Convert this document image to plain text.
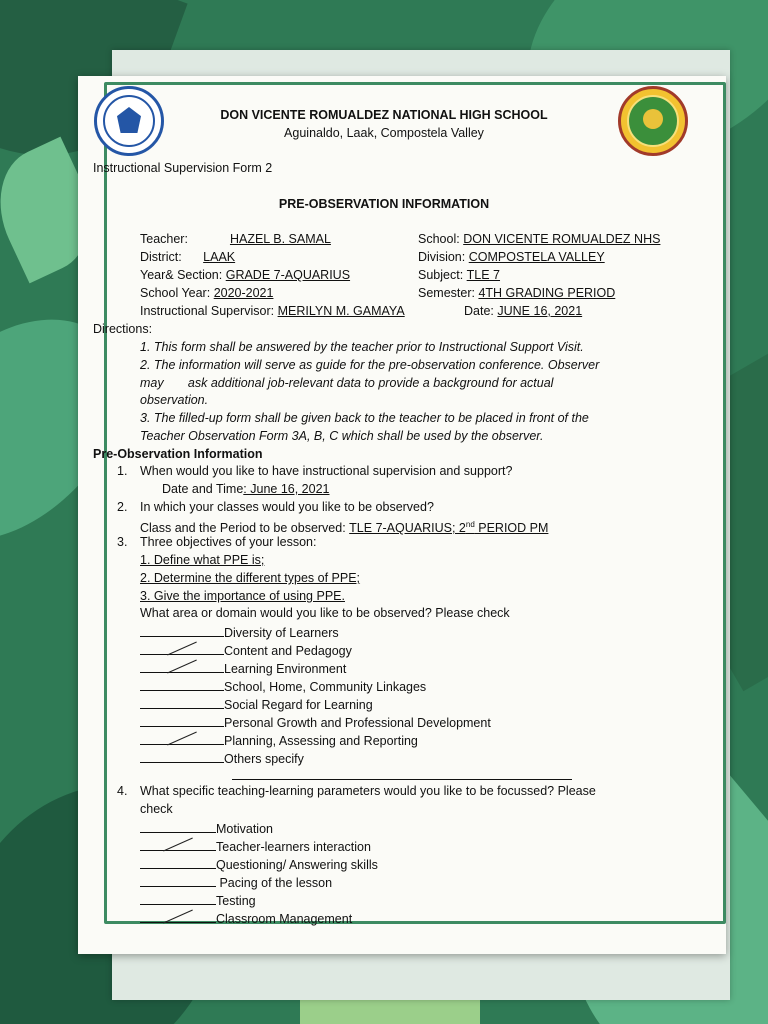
DON VICENTE ROMUALDEZ NATIONAL HIGH SCHOOL
Aguinaldo, Laak, Compostela Valley
Instructional Supervision Form 2
PRE-OBSERVATION INFORMATION
Teacher:	HAZEL B. SAMAL	School: DON VICENTE ROMUALDEZ NHS
District: LAAK	Division: COMPOSTELA VALLEY
Year& Section: GRADE 7-AQUARIUS	Subject: TLE 7
School Year: 2020-2021	Semester: 4TH GRADING PERIOD
Instructional Supervisor: MERILYN M. GAMAYA	Date: JUNE 16, 2021
Directions:
1. This form shall be answered by the teacher prior to Instructional Support Visit.
2. The information will serve as guide for the pre-observation conference. Observer
may       ask additional job-relevant data to provide a background for actual
observation.
3. The filled-up form shall be given back to the teacher to be placed in front of the
Teacher Observation Form 3A, B, C which shall be used by the observer.
Pre-Observation Information
1. When would you like to have instructional supervision and support?
Date and Time: June 16, 2021
2. In which your classes would you like to be observed?
Class and the Period to be observed: TLE 7-AQUARIUS; 2nd PERIOD PM
3. Three objectives of your lesson:
1. Define what PPE is;
2. Determine the different types of PPE;
3. Give the importance of using PPE.
What area or domain would you like to be observed? Please check
Diversity of Learners
Content and Pedagogy
Learning Environment
School, Home, Community Linkages
Social Regard for Learning
Personal Growth and Professional Development
Planning, Assessing and Reporting
Others specify
4. What specific teaching-learning parameters would you like to be focussed? Please
check
Motivation
Teacher-learners interaction
Questioning/ Answering skills
Pacing of the lesson
Testing
Classroom Management
